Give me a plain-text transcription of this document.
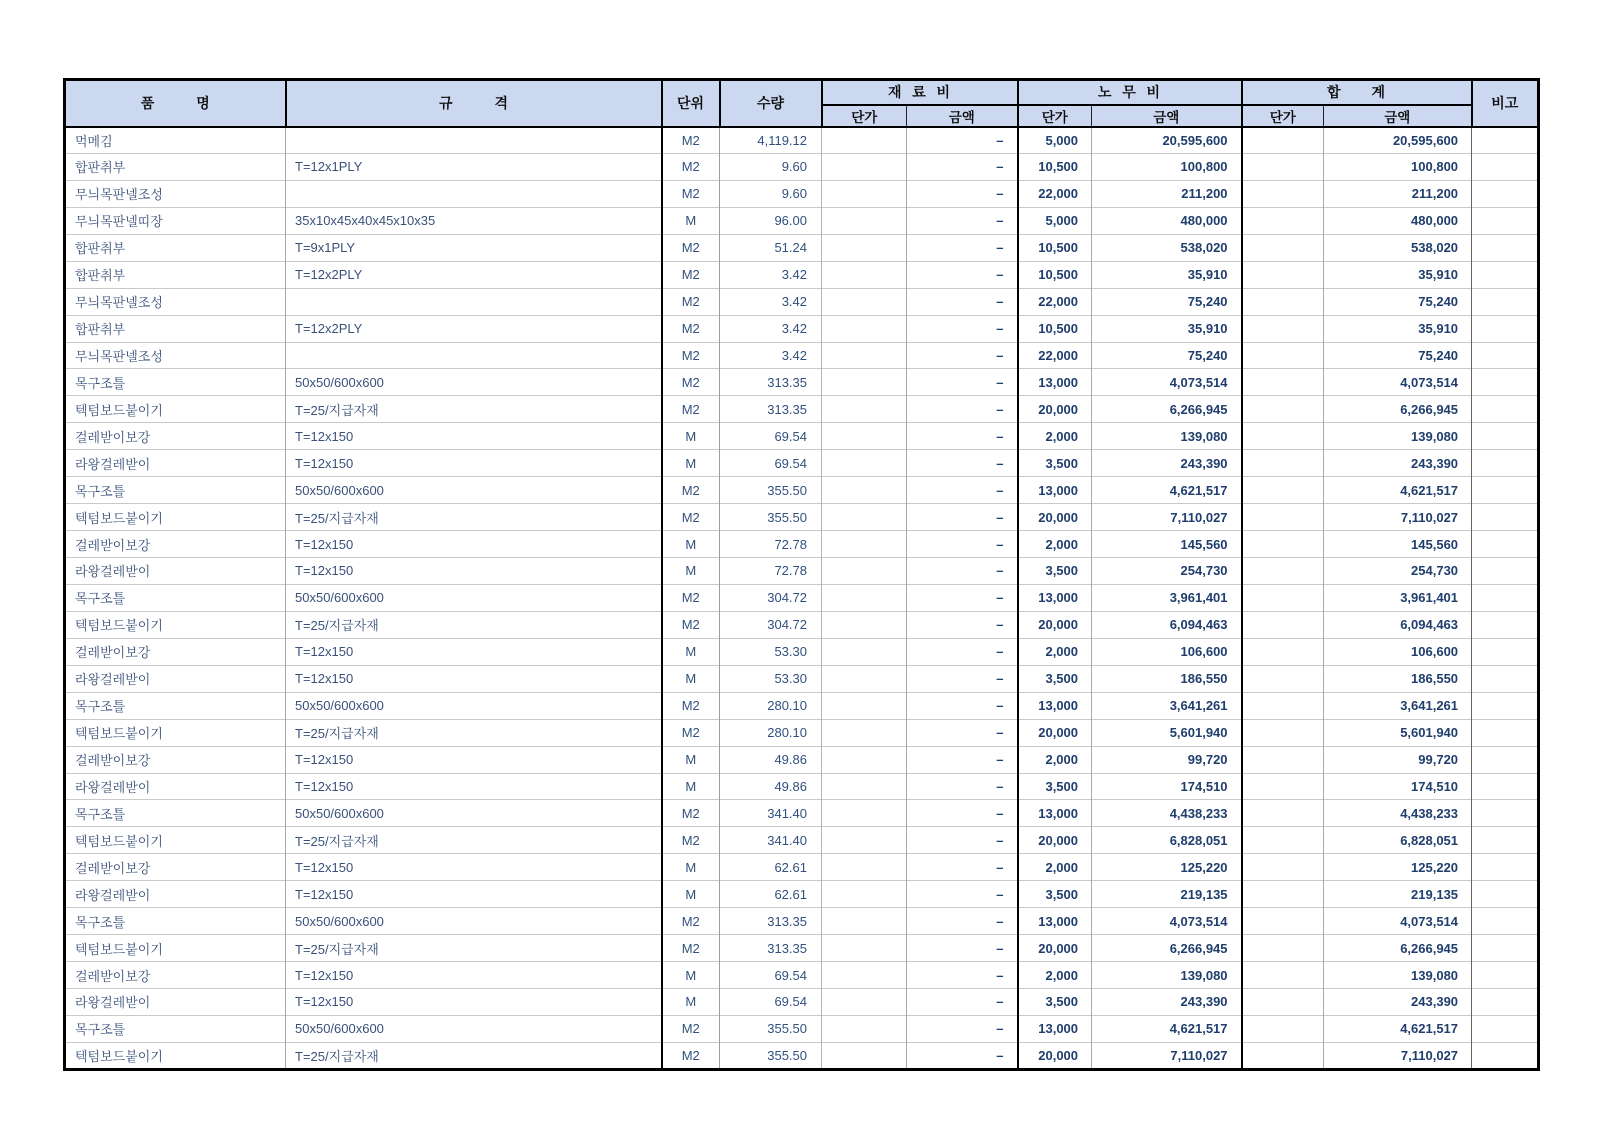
품　　　명	규　　　격	단위	수량	재  료  비		노  무  비		합　　계		비고
				단가	금액	단가	금액	단가	금액	
먹메김		M2	4,119.12		–	5,000	20,595,600		20,595,600	
합판취부	T=12x1PLY	M2	9.60		–	10,500	100,800		100,800	
무늬목판넬조성		M2	9.60		–	22,000	211,200		211,200	
무늬목판넬띠장	35x10x45x40x45x10x35	M	96.00		–	5,000	480,000		480,000	
합판취부	T=9x1PLY	M2	51.24		–	10,500	538,020		538,020	
합판취부	T=12x2PLY	M2	3.42		–	10,500	35,910		35,910	
무늬목판넬조성		M2	3.42		–	22,000	75,240		75,240	
합판취부	T=12x2PLY	M2	3.42		–	10,500	35,910		35,910	
무늬목판넬조성		M2	3.42		–	22,000	75,240		75,240	
목구조틀	50x50/600x600	M2	313.35		–	13,000	4,073,514		4,073,514	
텍텀보드붙이기	T=25/지급자재	M2	313.35		–	20,000	6,266,945		6,266,945	
걸레받이보강	T=12x150	M	69.54		–	2,000	139,080		139,080	
라왕걸레받이	T=12x150	M	69.54		–	3,500	243,390		243,390	
목구조틀	50x50/600x600	M2	355.50		–	13,000	4,621,517		4,621,517	
텍텀보드붙이기	T=25/지급자재	M2	355.50		–	20,000	7,110,027		7,110,027	
걸레받이보강	T=12x150	M	72.78		–	2,000	145,560		145,560	
라왕걸레받이	T=12x150	M	72.78		–	3,500	254,730		254,730	
목구조틀	50x50/600x600	M2	304.72		–	13,000	3,961,401		3,961,401	
텍텀보드붙이기	T=25/지급자재	M2	304.72		–	20,000	6,094,463		6,094,463	
걸레받이보강	T=12x150	M	53.30		–	2,000	106,600		106,600	
라왕걸레받이	T=12x150	M	53.30		–	3,500	186,550		186,550	
목구조틀	50x50/600x600	M2	280.10		–	13,000	3,641,261		3,641,261	
텍텀보드붙이기	T=25/지급자재	M2	280.10		–	20,000	5,601,940		5,601,940	
걸레받이보강	T=12x150	M	49.86		–	2,000	99,720		99,720	
라왕걸레받이	T=12x150	M	49.86		–	3,500	174,510		174,510	
목구조틀	50x50/600x600	M2	341.40		–	13,000	4,438,233		4,438,233	
텍텀보드붙이기	T=25/지급자재	M2	341.40		–	20,000	6,828,051		6,828,051	
걸레받이보강	T=12x150	M	62.61		–	2,000	125,220		125,220	
라왕걸레받이	T=12x150	M	62.61		–	3,500	219,135		219,135	
목구조틀	50x50/600x600	M2	313.35		–	13,000	4,073,514		4,073,514	
텍텀보드붙이기	T=25/지급자재	M2	313.35		–	20,000	6,266,945		6,266,945	
걸레받이보강	T=12x150	M	69.54		–	2,000	139,080		139,080	
라왕걸레받이	T=12x150	M	69.54		–	3,500	243,390		243,390	
목구조틀	50x50/600x600	M2	355.50		–	13,000	4,621,517		4,621,517	
텍텀보드붙이기	T=25/지급자재	M2	355.50		–	20,000	7,110,027		7,110,027	
